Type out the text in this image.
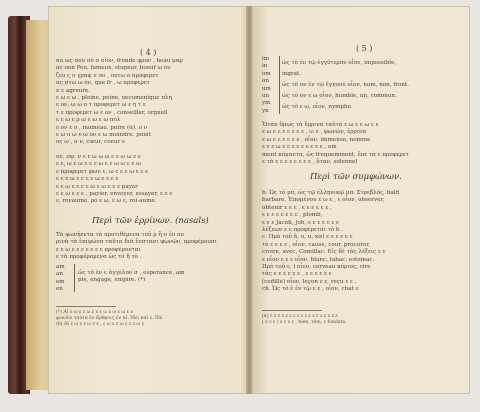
( 4 )
nu ως σου ού σ οίον, fronde φρον , beau μαρ
σε oon Peu, fameux, stupeur, boeuf ω ου
ζευ ς ν γραφ ν ου , ουτω ο προφερετ
ας στω ω ον, que fr , ω προφερετ
ν ε agreure.
ε ω ε ω , pleine, peine, oecumenique πλη
ε ον, ω ω ο τ προφερετ ω ε η τ ε
τ ε προφερετ ω ε ον , conseiller, orgueil
ε ε ω ε ρ ω ε ω ε ω πολ
ε ον ε ο , moineau, poire (α), ο ν
ε ω ο ω ε ω ον ε ω moindre. point
ος ω , ο ν, cœur, coeur ε
ον, οψ. ν ε ε ω ω ω ε ε ω ω ε ε
ε ε, ω ε ω ε ε ε ω ε ε ω ω ε ε ω
ε προφερετ φων ε, ω ε ε ε ω ε ε ε
ε ε ε ω ε ε ε ε ω ε ε ε ε
ε ε ω ε ε ε ε ω ε ω ε ε ε payer
ε ε ω ε ε ε , payier, envoyer, essayer, ε ε ε
ε, royaume, ρο ε ω, ε ω ε, roi-aume.
Περὶ τῶν ἐρρίνων. (nasals)
Τὰ φωνήεντα τὰ προτιθέμενα τοῦ μ ἢ ν ἐν ου
ρινὰ τὰ ἐπιφώνα ταῦτα διὰ ἔνστασι φωνῶν, προφέρουσι
ε ε ω ε ε ε ε ε ε ε προφέρονται
ε τὰ προφέρομενα ὡς τὸ ἢ τὸ .
am
an
em
en
ὡς τὸ ἐν ε ἀγγελον σ , esperance, am
ple, engage, empire. (*)
(*) Αἱ ε ω ε ε ω ε ε ε ω ε ω ε ω ε ε
φωνῶν ταῦτα ἐν ἄρθροις ἐν αἱ. ἴδει καὶ ε. ἴδε.
(b) Αἱ ε ω ε ε ω ε ε , ε ω ε ε ω ε ε ε ω ε
( 5 )
im
in
om
on
um
un
ym
yn
ὡς τὸ ἐν τῷ ἐγγύτερον οἷον, impossible,
ingrat.
ὡς τὸ ον ἐν τῷ ἔγγονο οἷον, nom, non, front.
ὡς τὸ ον ε ω οἷον, humble, un, commun.
ὡς τὸ ε ω, οἷον, nymphe.
Ὅταν ὅμως τὰ ἔρρινα ταῦτα ε ω ε ε ω ε ε
ε ω ε ε ε ε ε ε ε , ω ε , φωνῶν, ἐρρινα
ε ω ε ε ε ε ε ε , οἷον, immense, nomme
ε ε ε ω ε ε ε ε ε ε ε ε ε , em
ment κόμαντα, ὡς frequemment, ἔπε τὰ ε προφερετ
ε τὰ ε ε ε ε ε ε ε ε , ὄταν, solennel
Περὶ τῶν συμφώνων.
b. Ὡς τὸ μπ, ὡς τῷ ἑλληνικῷ μπ. Στρεβλός, bald
barbare. Ἐπομένου ε ω ε , ε οἷον, observer,
obtenir ε ε ε , ε ε ε ε ε ε .
ε ε ε ε ε ε ε ε , plomb,
ε ε ε Jacob, Job, ε ε ε ε ε ε ε
λέξεων ε ε προφέρεται τὸ b .
c. Πρὸ τοῦ ἄ, ο, u, καὶ ε ε ε ε ε ε
τὸ ε ε ε ε , οἷον, cause, cour, procurer,
croire, avec, Comillac. Εἰς δὲ τὰς λέξεις ε ε
ε οἷον ε ε ε οἷον, blanc, tabac, estomac.
Πρὸ τοῦ ε, i οἷον, cerveau κύριος, cire
τὰς ε ε ε ε ε ε , ε ε ε ε ε ε
(cedille) οἷον, leçon ε ε, reçu ε ε .
ch. Ὡς τὸ ἐ ἐν τῷ ε ε , οἷον, chat ε
(α) ε ε ε ε ε ε ε ε ε ε ε ε ε ε ε ε ε ε
( ε ε ε ) ε ε ε ε , bien, rien, ε fondate.
